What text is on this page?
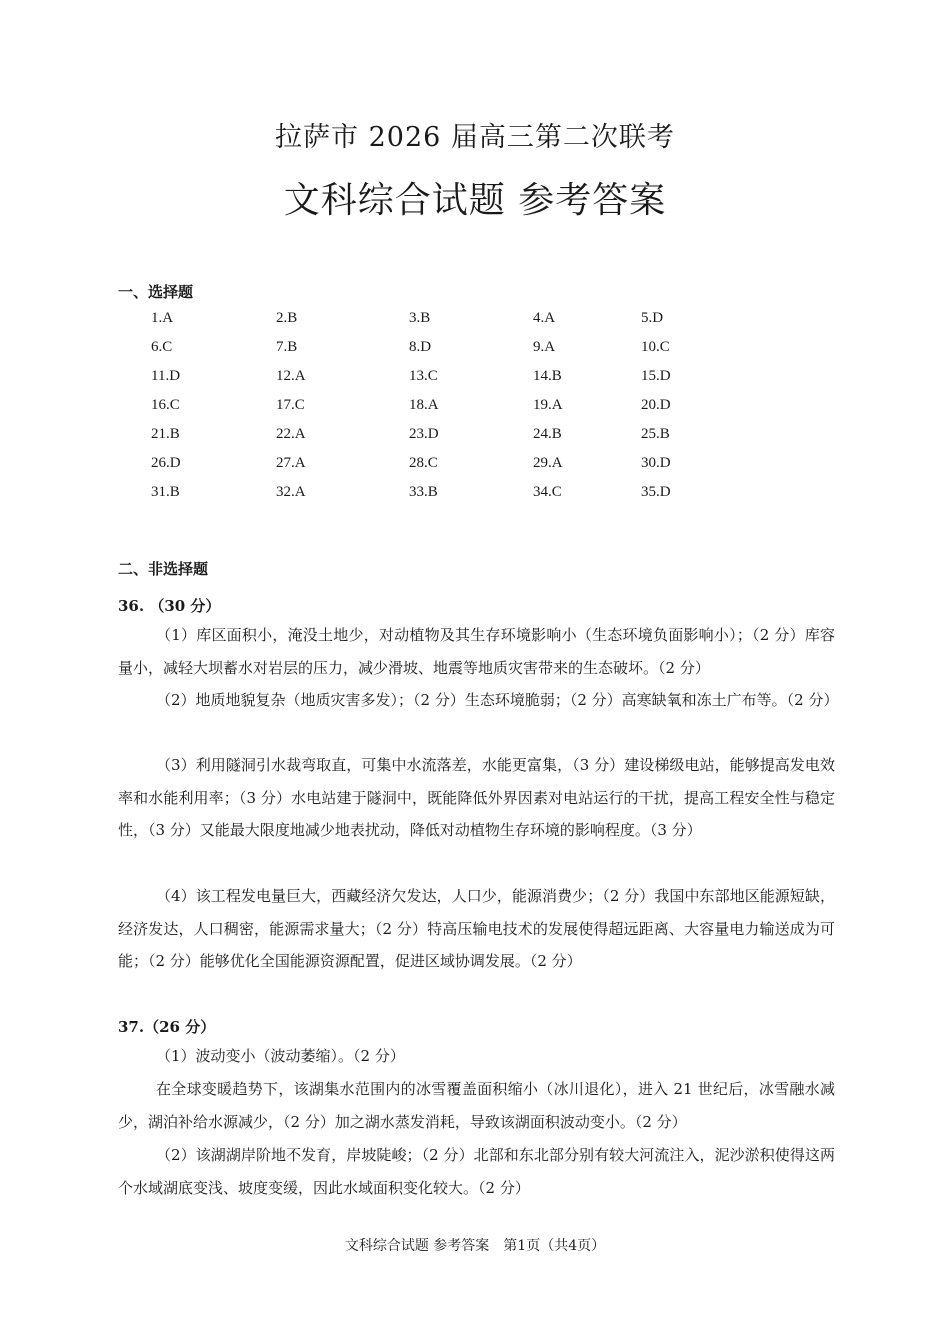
拉萨市 2026 届高三第二次联考
文科综合试题 参考答案
一、选择题
1.A	2.B	3.B	4.A	5.D
6.C	7.B	8.D	9.A	10.C
11.D	12.A	13.C	14.B	15.D
16.C	17.C	18.A	19.A	20.D
21.B	22.A	23.D	24.B	25.B
26.D	27.A	28.C	29.A	30.D
31.B	32.A	33.B	34.C	35.D
二、非选择题
36. （30 分）

（1）库区面积小，淹没土地少，对动植物及其生存环境影响小（生态环境负面影响小）；（2 分）库容量小，减轻大坝蓄水对岩层的压力，减少滑坡、地震等地质灾害带来的生态破坏。（2 分）

（2）地质地貌复杂（地质灾害多发）；（2 分）生态环境脆弱；（2 分）高寒缺氧和冻土广布等。（2 分）

（3）利用隧洞引水裁弯取直，可集中水流落差，水能更富集，（3 分）建设梯级电站，能够提高发电效率和水能利用率；（3 分）水电站建于隧洞中，既能降低外界因素对电站运行的干扰，提高工程安全性与稳定性，（3 分）又能最大限度地减少地表扰动，降低对动植物生存环境的影响程度。（3 分）

（4）该工程发电量巨大，西藏经济欠发达，人口少，能源消费少；（2 分）我国中东部地区能源短缺，经济发达，人口稠密，能源需求量大；（2 分）特高压输电技术的发展使得超远距离、大容量电力输送成为可能；（2 分）能够优化全国能源资源配置，促进区域协调发展。（2 分）

37.（26 分）

（1）波动变小（波动萎缩）。（2 分）

在全球变暖趋势下，该湖集水范围内的冰雪覆盖面积缩小（冰川退化），进入 21 世纪后，冰雪融水减少，湖泊补给水源减少，（2 分）加之湖水蒸发消耗，导致该湖面积波动变小。（2 分）

（2）该湖湖岸阶地不发育，岸坡陡峻；（2 分）北部和东北部分别有较大河流注入，泥沙淤积使得这两个水域湖底变浅、坡度变缓，因此水域面积变化较大。（2 分）

文科综合试题 参考答案　第1页（共4页）
